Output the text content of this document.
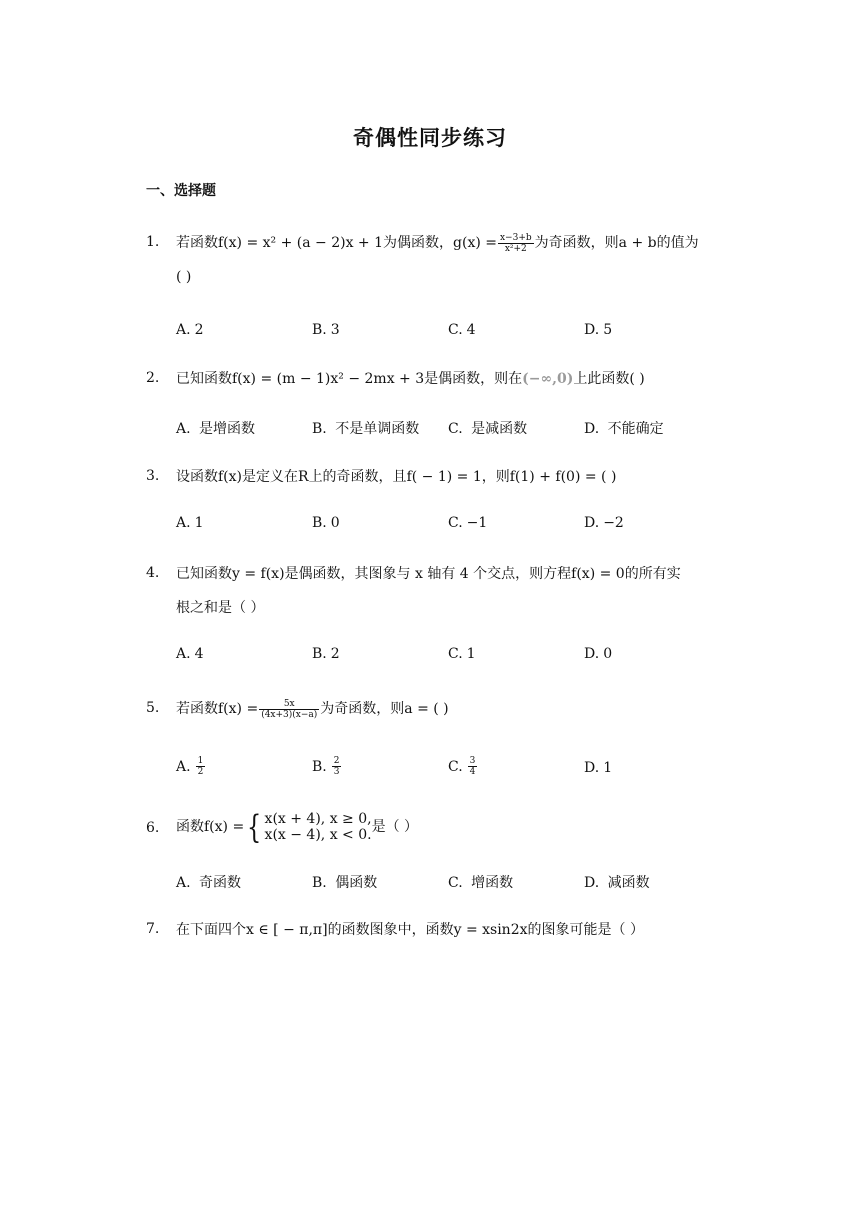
奇偶性同步练习
一、选择题
1. 若函数f(x) = x² + (a − 2)x + 1为偶函数，$g(x) = \frac{x-3+b}{\text{x²+2}}$ 为奇函数，则a + b的值为
( )
A. 2	B. 3	C. 4	D. 5
2. 已知函数f(x) = (m − 1)x² − 2mx + 3是偶函数，则在(−∞,0)上此函数( )
A. 是增函数	B. 不是单调函数 C. 是减函数	D. 不能确定
3. 设函数f(x)是定义在R上的奇函数，且f( − 1) = 1，则f(1) + f(0) = ( )
A. 1	B. 0	C. −1	D. −2
4. 已知函数y = f(x)是偶函数，其图象与 x 轴有 4 个交点，则方程f(x) = 0的所有实
根之和是（ ）
A. 4	B. 2	C. 1	D. 0
5. 若函数$f(x) = \frac{5x}{(4x+3)(x-a)}$ 为奇函数，则a = ( )
A. $\frac{1}{2}$	B. $\frac{2}{3}$	C. $\frac{3}{4}$	D. 1
6. 函数f(x) ={ x(x + 4), x ≥ 0,
x(x − 4), x < 0. 是（ ）
A. 奇函数	B. 偶函数	C. 增函数	D. 减函数
7. 在下面四个x ∈ [ − π,π]的函数图象中，函数y = xsin2x的图象可能是（ ）
